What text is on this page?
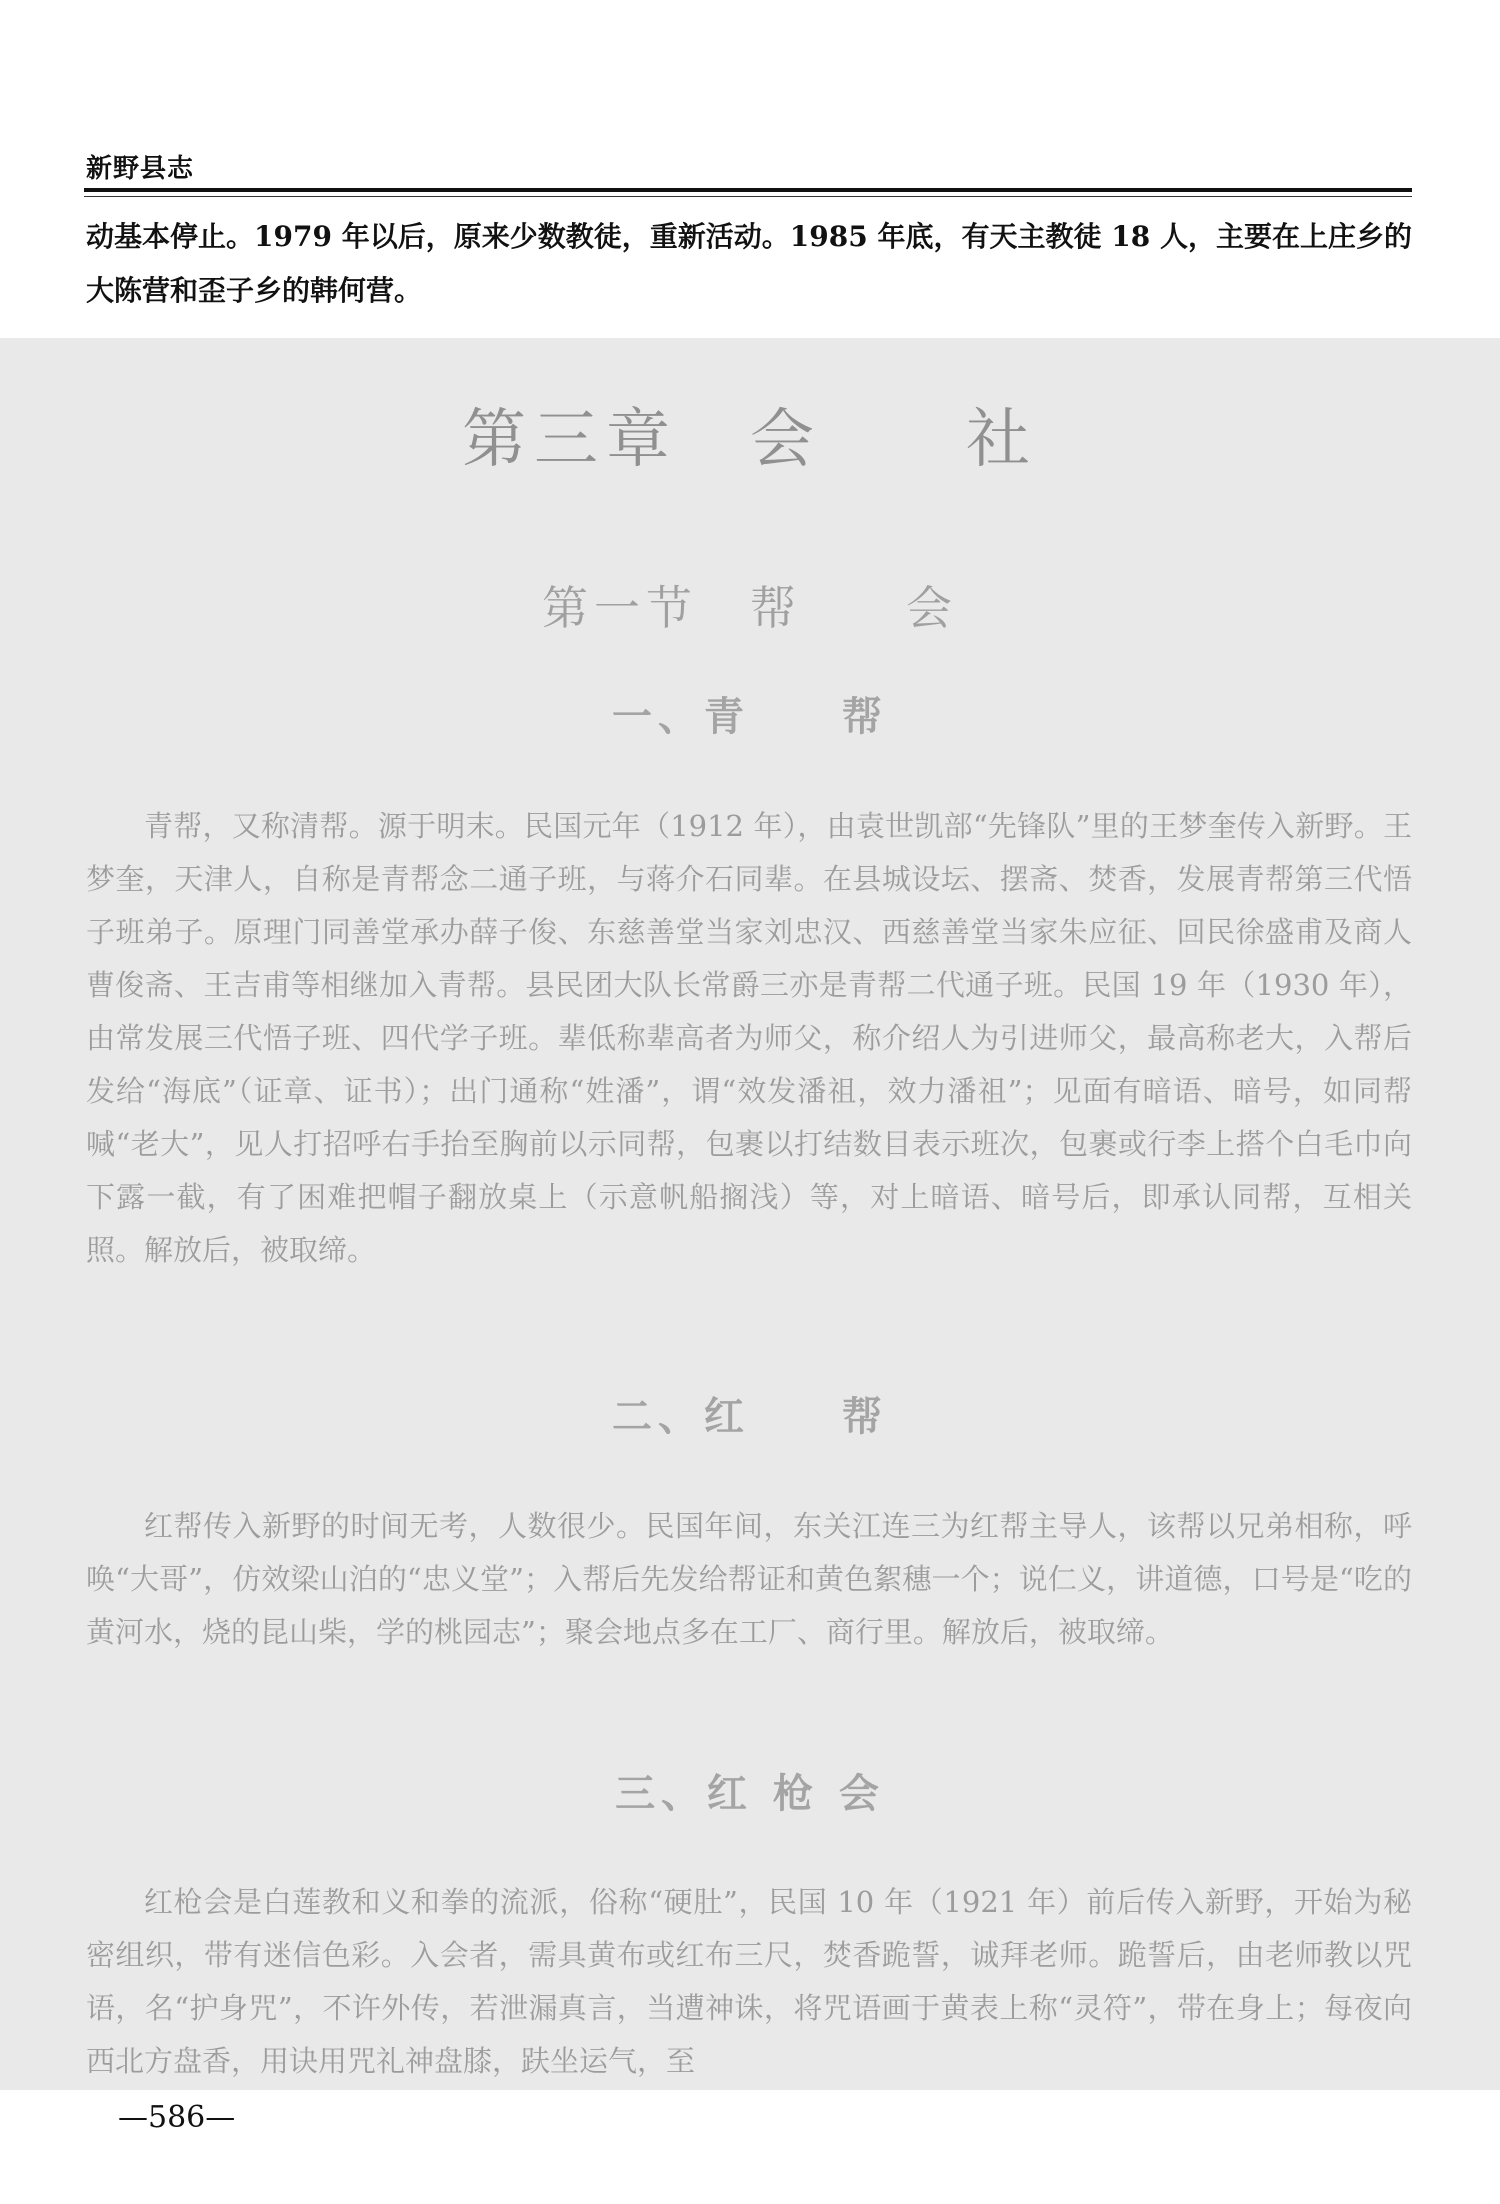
新野县志
动基本停止。1979 年以后，原来少数教徒，重新活动。1985 年底，有天主教徒 18 人，主要在上庄乡的大陈营和歪子乡的韩何营。
第三章　会　　社
第一节　帮　　会
一、青　　帮

青帮，又称清帮。源于明末。民国元年（1912 年），由袁世凯部“先锋队”里的王梦奎传入新野。王梦奎，天津人，自称是青帮念二通子班，与蒋介石同辈。在县城设坛、摆斋、焚香，发展青帮第三代悟子班弟子。原理门同善堂承办薛子俊、东慈善堂当家刘忠汉、西慈善堂当家朱应征、回民徐盛甫及商人曹俊斋、王吉甫等相继加入青帮。县民团大队长常爵三亦是青帮二代通子班。民国 19 年（1930 年），由常发展三代悟子班、四代学子班。辈低称辈高者为师父，称介绍人为引进师父，最高称老大，入帮后发给“海底”（证章、证书）；出门通称“姓潘”，谓“效发潘祖，效力潘祖”；见面有暗语、暗号，如同帮喊“老大”，见人打招呼右手抬至胸前以示同帮，包裹以打结数目表示班次，包裹或行李上搭个白毛巾向下露一截，有了困难把帽子翻放桌上（示意帆船搁浅）等，对上暗语、暗号后，即承认同帮，互相关照。解放后，被取缔。

二、红　　帮

红帮传入新野的时间无考，人数很少。民国年间，东关江连三为红帮主导人，该帮以兄弟相称，呼唤“大哥”，仿效梁山泊的“忠义堂”；入帮后先发给帮证和黄色絮穗一个；说仁义，讲道德，口号是“吃的黄河水，烧的昆山柴，学的桃园志”；聚会地点多在工厂、商行里。解放后，被取缔。

三、红 枪 会

红枪会是白莲教和义和拳的流派，俗称“硬肚”，民国 10 年（1921 年）前后传入新野，开始为秘密组织，带有迷信色彩。入会者，需具黄布或红布三尺，焚香跪誓，诚拜老师。跪誓后，由老师教以咒语，名“护身咒”，不许外传，若泄漏真言，当遭神诛，将咒语画于黄表上称“灵符”，带在身上；每夜向西北方盘香，用诀用咒礼神盘膝，趺坐运气，至

—586—
